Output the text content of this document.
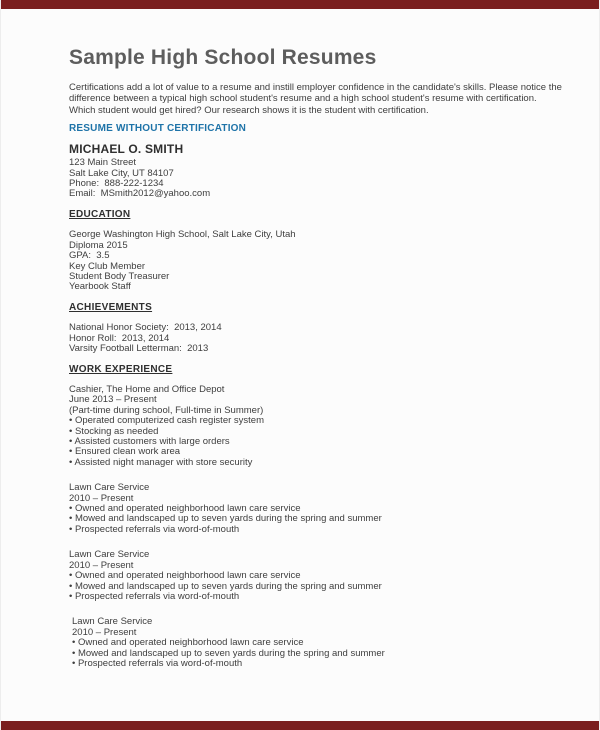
Sample High School Resumes
Certifications add a lot of value to a resume and instill employer confidence in the candidate's skills. Please notice the difference between a typical high school student's resume and a high school student's resume with certification. Which student would get hired? Our research shows it is the student with certification.
RESUME WITHOUT CERTIFICATION
MICHAEL O. SMITH
123 Main Street
Salt Lake City, UT 84107
Phone:  888-222-1234
Email:  MSmith2012@yahoo.com
EDUCATION
George Washington High School, Salt Lake City, Utah
Diploma 2015
GPA:  3.5
Key Club Member
Student Body Treasurer
Yearbook Staff
ACHIEVEMENTS
National Honor Society:  2013, 2014
Honor Roll:  2013, 2014
Varsity Football Letterman:  2013
WORK EXPERIENCE
Cashier, The Home and Office Depot
June 2013 – Present
(Part-time during school, Full-time in Summer)
• Operated computerized cash register system
• Stocking as needed
• Assisted customers with large orders
• Ensured clean work area
• Assisted night manager with store security
Lawn Care Service
2010 – Present
• Owned and operated neighborhood lawn care service
• Mowed and landscaped up to seven yards during the spring and summer
• Prospected referrals via word-of-mouth
Lawn Care Service
2010 – Present
• Owned and operated neighborhood lawn care service
• Mowed and landscaped up to seven yards during the spring and summer
• Prospected referrals via word-of-mouth
Lawn Care Service
2010 – Present
• Owned and operated neighborhood lawn care service
• Mowed and landscaped up to seven yards during the spring and summer
• Prospected referrals via word-of-mouth
